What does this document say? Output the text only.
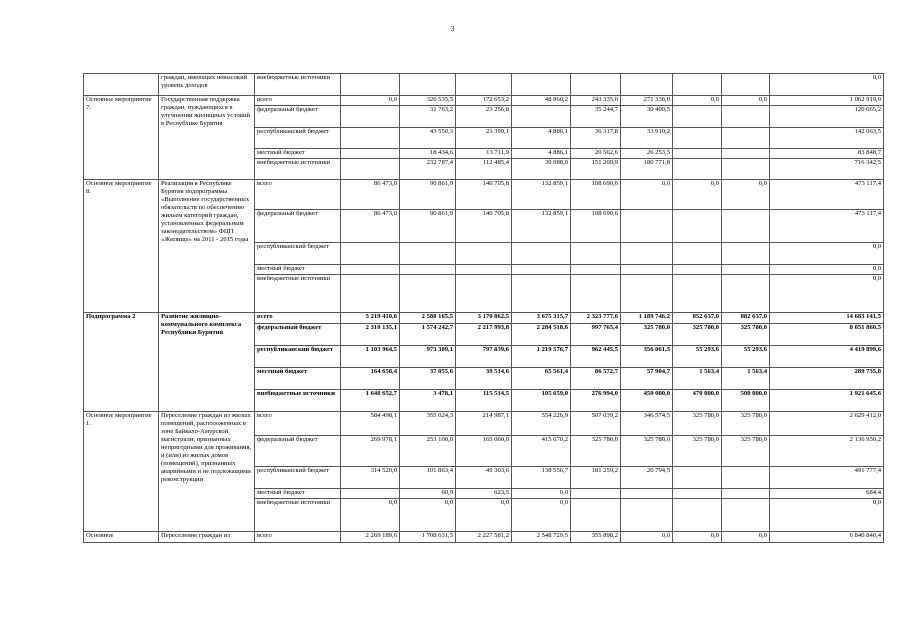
3
	граждан, имеющих невысокий уровень доходов	внебюджетные источники									0,0
Основное мероприятие 7.	Государственная поддержка граждан, нуждающихся в улучшении жилищных условий в Республике Бурятия	всего	0,0	326 535,5	172 653,2	48 860,2	243 335,0	271 336,0	0,0	0,0	1 062 919,9
		федеральный бюджет		31 763,2	23 256,8		35 244,7	30 400,5			120 665,2
		республиканский бюджет		43 550,3	23 399,1	4 886,1	36 317,8	33 910,2			142 063,5
		местный бюджет		18 434,6	13 711,9	4 886,1	20 562,6	26 253,5			83 848,7
		внебюджетные источники		232 787,4	112 485,4	39 088,0	151 209,9	180 771,8			716 342,5
Основное мероприятие 8.	Реализация в Республике Бурятия подпрограммы «Выполнение государственных обязательств по обеспечению жильем категорий граждан, установленных федеральным законодательством» ФЦП «Жилище» на 2011 - 2015 годы	всего	86 473,0	90 861,9	140 705,8	132 859,1	108 690,6	0,0	0,0	0,0	473 117,4
		федеральный бюджет	86 473,0	90 861,9	140 705,8	132 859,1	108 690,6				473 117,4
		республиканский бюджет									0,0
		местный бюджет									0,0
		внебюджетные источники									0,0
Подпрограмма 2	Развитие жилищно-коммунального комплекса Республики Бурятия	всего	5 219 410,6	2 588 165,5	3 170 862,5	3 675 315,7	2 323 777,6	1 189 746,2	852 637,0	882 637,0	14 683 141,5
		федеральный бюджет	2 310 135,1	1 574 242,7	2 217 993,8	2 284 518,6	997 765,4	325 780,0	325 780,0	325 780,0	8 051 860,5
		республиканский бюджет	1 103 964,5	973 389,1	797 839,6	1 219 576,7	962 445,5	356 061,5	55 293,6	55 293,6	4 419 899,6
		местный бюджет	164 658,4	37 055,6	39 514,6	65 561,4	86 572,7	57 904,7	1 563,4	1 563,4	289 735,8
		внебюджетные источники	1 640 652,7	3 478,1	115 514,5	105 659,0	276 994,0	450 000,0	470 000,0	500 000,0	1 921 645,6
Основное мероприятие 1.	Переселение граждан из жилых помещений, расположенных в зоне Байкало-Амурской магистрали, признанных непригодными для проживания, и (или) из жилых домов (помещений), признанных аварийными и не подлежащими реконструкции	всего	584 498,1	355 024,3	214 987,1	554 226,9	507 039,2	346 574,5	325 780,0	325 780,0	2 629 412,0
		федеральный бюджет	269 978,1	253 100,0	165 060,0	415 670,2	325 780,0	325 780,0	325 780,0	325 780,0	2 136 950,2
		республиканский бюджет	314 520,0	101 863,4	49 303,6	138 556,7	181 259,2	20 794,5			491 777,4
		местный бюджет		60,9	623,5	0,0					684,4
		внебюджетные источники	0,0	0,0	0,0	0,0					0,0
Основное	Переселение граждан из	всего	2 269 189,6	1 708 631,5	2 227 581,2	2 548 729,5	355 898,2	0,0	0,0	0,0	6 840 840,4
